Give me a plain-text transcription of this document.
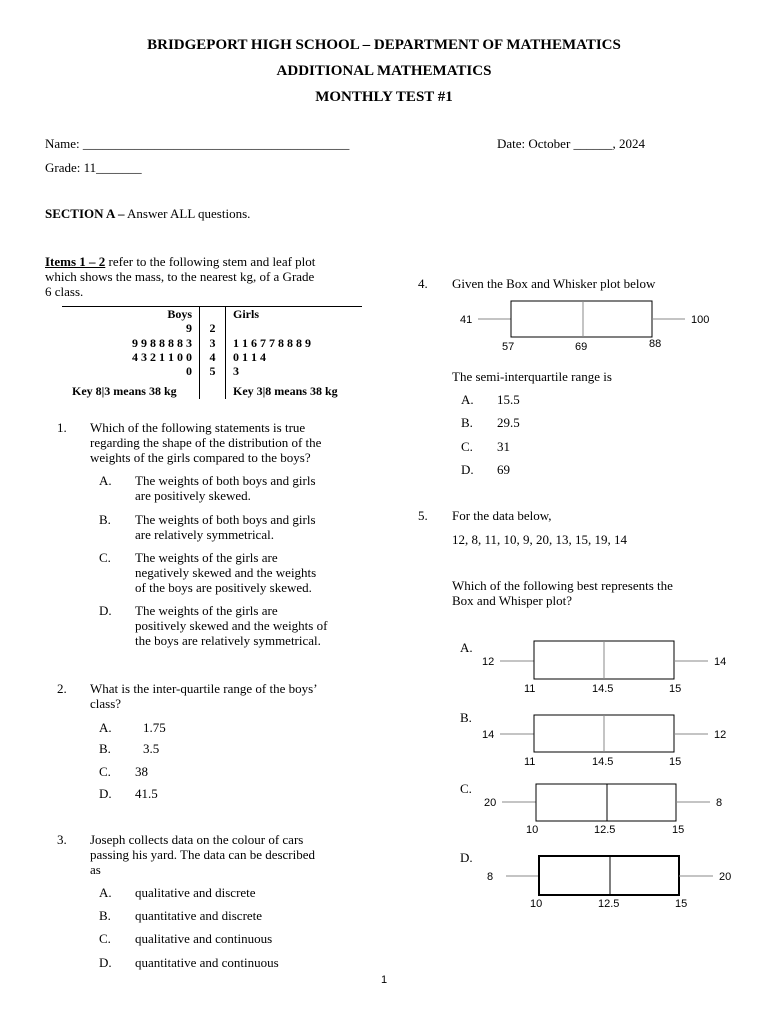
BRIDGEPORT HIGH SCHOOL – DEPARTMENT OF MATHEMATICS
ADDITIONAL MATHEMATICS
MONTHLY TEST #1
Name: _________________________________________	Date: October ______, 2024
Grade: 11_______
SECTION A – Answer ALL questions.
Items 1 – 2 refer to the following stem and leaf plot
which shows the mass, to the nearest kg, of a Grade
6 class.
Boys	Girls
9	2
9 9 8 8 8 8 3	3	1 1 6 7 7 8 8 8 9
4 3 2 1 1 0 0	4	0 1 1 4
0	5	3
Key 8|3 means 38 kg	Key 3|8 means 38 kg
1. Which of the following statements is true
regarding the shape of the distribution of the
weights of the girls compared to the boys?
A. The weights of both boys and girls
are positively skewed.
B. The weights of both boys and girls
are relatively symmetrical.
C. The weights of the girls are
negatively skewed and the weights
of the boys are positively skewed.
D. The weights of the girls are
positively skewed and the weights of
the boys are relatively symmetrical.
2. What is the inter-quartile range of the boys’
class?
A. 1.75
B. 3.5
C. 38
D. 41.5
3. Joseph collects data on the colour of cars
passing his yard. The data can be described
as
A. qualitative and discrete
B. quantitative and discrete
C. qualitative and continuous
D. quantitative and continuous
4. Given the Box and Whisker plot below
41	100
57	69	88
The semi-interquartile range is
A. 15.5
B. 29.5
C. 31
D. 69
5. For the data below,
12, 8, 11, 10, 9, 20, 13, 15, 19, 14
Which of the following best represents the
Box and Whisper plot?
A.
12	14
11	14.5	15
B.
14	12
11	14.5	15
C.
20	8
10	12.5	15
D.
8	20
10	12.5	15
1
